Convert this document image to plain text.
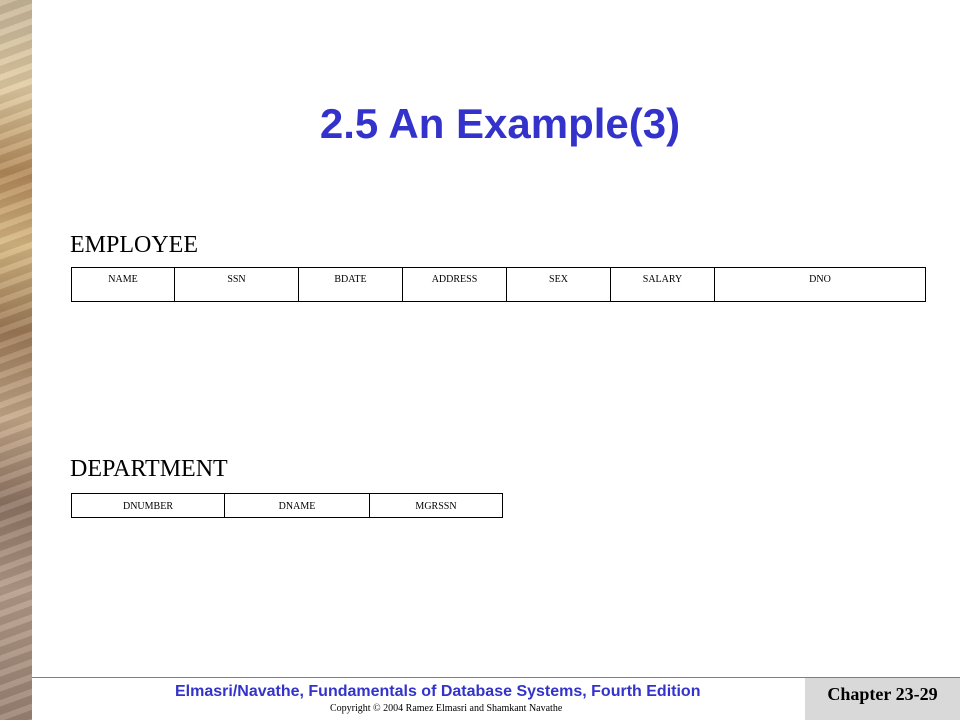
2.5 An Example(3)
EMPLOYEE
NAME	SSN	BDATE	ADDRESS	SEX	SALARY	DNO
DEPARTMENT
DNUMBER	DNAME	MGRSSN
Elmasri/Navathe, Fundamentals of Database Systems, Fourth Edition
Copyright © 2004 Ramez Elmasri and Shamkant Navathe
Chapter 23-29
